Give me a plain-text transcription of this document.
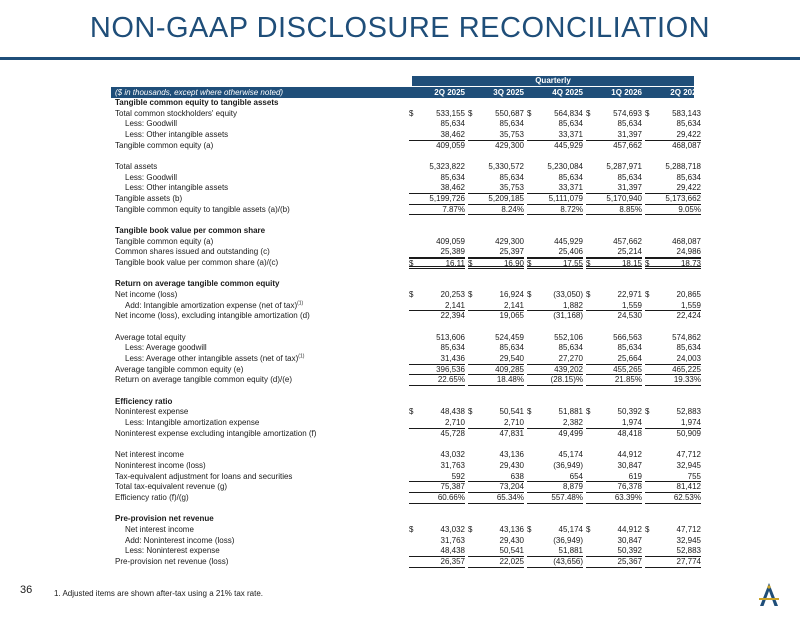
NON-GAAP DISCLOSURE RECONCILIATION
Quarterly
($ in thousands, except where otherwise noted)	2Q 2025	3Q 2025	4Q 2025	1Q 2026	2Q 2026
Tangible common equity to tangible assets
Total common stockholders' equity	$	533,155 $	550,687 $	564,834 $	574,693 $	583,143
Less: Goodwill	85,634	85,634	85,634	85,634	85,634
Less: Other intangible assets	38,462	35,753	33,371	31,397	29,422
Tangible common equity (a)	409,059	429,300	445,929	457,662	468,087
Total assets	5,323,822	5,330,572	5,230,084	5,287,971	5,288,718
Less: Goodwill	85,634	85,634	85,634	85,634	85,634
Less: Other intangible assets	38,462	35,753	33,371	31,397	29,422
Tangible assets (b)	5,199,726	5,209,185	5,111,079	5,170,940	5,173,662
Tangible common equity to tangible assets (a)/(b)	7.87%	8.24%	8.72%	8.85%	9.05%
Tangible book value per common share
Tangible common equity (a)	409,059	429,300	445,929	457,662	468,087
Common shares issued and outstanding (c)	25,389	25,397	25,406	25,214	24,986
Tangible book value per common share (a)/(c)	$	16.11 $	16.90 $	17.55 $	18.15 $	18.73
Return on average tangible common equity
Net income (loss)	$	20,253 $	16,924 $	(33,050) $	22,971 $	20,865
Add: Intangible amortization expense (net of tax)$^{(1)}$	2,141	2,141	1,882	1,559	1,559
Net income (loss), excluding intangible amortization (d)	22,394	19,065	(31,168)	24,530	22,424
Average total equity	513,606	524,459	552,106	566,563	574,862
Less: Average goodwill	85,634	85,634	85,634	85,634	85,634
Less: Average other intangible assets (net of tax)$^{(1)}$	31,436	29,540	27,270	25,664	24,003
Average tangible common equity (e)	396,536	409,285	439,202	455,265	465,225
Return on average tangible common equity (d)/(e)	22.65%	18.48%	(28.15)%	21.85%	19.33%
Efficiency ratio
Noninterest expense	$	48,438 $	50,541 $	51,881 $	50,392 $	52,883
Less: Intangible amortization expense	2,710	2,710	2,382	1,974	1,974
Noninterest expense excluding intangible amortization (f)	45,728	47,831	49,499	48,418	50,909
Net interest income	43,032	43,136	45,174	44,912	47,712
Noninterest income (loss)	31,763	29,430	(36,949)	30,847	32,945
Tax-equivalent adjustment for loans and securities	592	638	654	619	755
Total tax-equivalent revenue (g)	75,387	73,204	8,879	76,378	81,412
Efficiency ratio (f)/(g)	60.66%	65.34%	557.48%	63.39%	62.53%
Pre-provision net revenue
Net interest income	$	43,032 $	43,136 $	45,174 $	44,912 $	47,712
Add: Noninterest income (loss)	31,763	29,430	(36,949)	30,847	32,945
Less: Noninterest expense	48,438	50,541	51,881	50,392	52,883
Pre-provision net revenue (loss)	26,357	22,025	(43,656)	25,367	27,774
36	1. Adjusted items are shown after-tax using a 21% tax rate.
